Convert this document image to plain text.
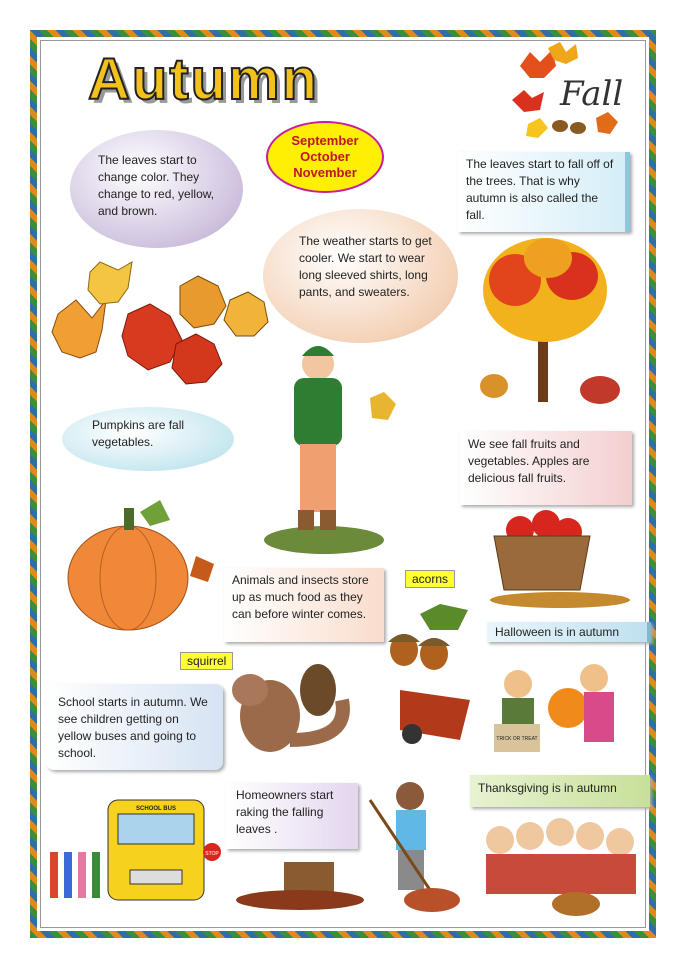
SCHOOL BUS
STOP
TRICK OR TREAT
Autumn	Fall
September
October
November
The leaves start to change color. They change to red, yellow, and brown.
The leaves start to fall off of the trees. That is why autumn is also called the fall.
The weather starts to get cooler. We start to wear long sleeved shirts, long pants, and sweaters.
Pumpkins are fall vegetables.	We see fall fruits and vegetables. Apples are delicious fall fruits.
Animals and insects store up as much food as they can before winter comes.
School starts in autumn. We see children getting on yellow buses and going to school.
Homeowners start raking the falling leaves .
acorns
squirrel
Halloween is in autumn
Thanksgiving is in autumn
